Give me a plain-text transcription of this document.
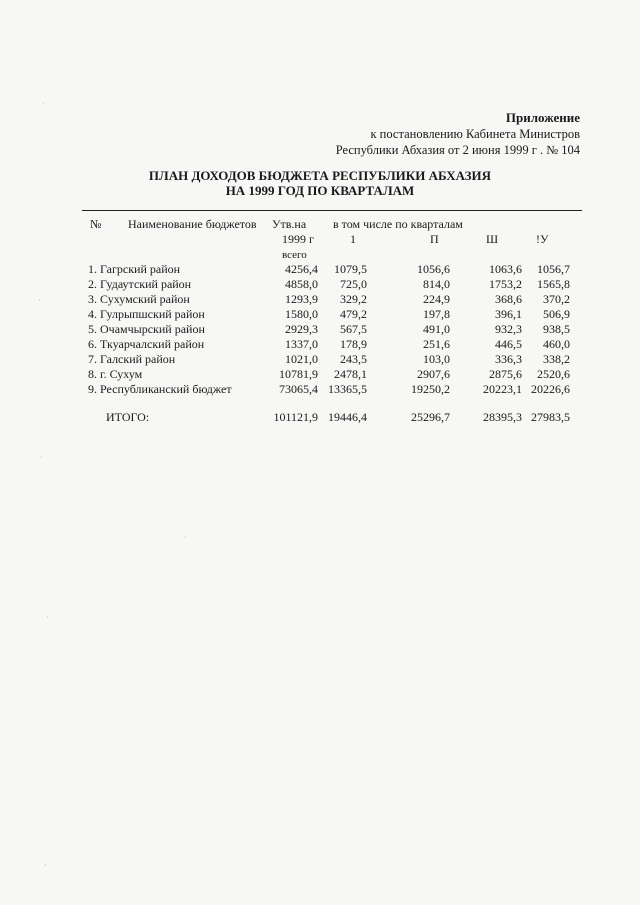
Приложение
к постановлению Кабинета Министров
Республики Абхазия от 2 июня 1999 г . № 104
ПЛАН ДОХОДОВ БЮДЖЕТА РЕСПУБЛИКИ АБХАЗИЯ
НА 1999 ГОД ПО КВАРТАЛАМ
№ Наименование бюджетов Утв.на
1999 г
всего
в том числе по кварталам
1	П	Ш	!У
1. Гагрский район	4256,4 1079,5	1056,6	1063,6 1056,7
2. Гудаутский район	4858,0 725,0	814,0	1753,2 1565,8
3. Сухумский район	1293,9 329,2	224,9	368,6 370,2
4. Гулрыпшский район	1580,0 479,2	197,8	396,1 506,9
5. Очамчырский район	2929,3 567,5	491,0	932,3 938,5
6. Ткуарчалский район	1337,0 178,9	251,6	446,5 460,0
7. Галский район	1021,0 243,5	103,0	336,3 338,2
8. г. Сухум	10781,9 2478,1	2907,6	2875,6 2520,6
9. Республиканский бюджет	73065,4 13365,5	19250,2	20223,1 20226,6
ИТОГО:	101121,9 19446,4	25296,7	28395,3 27983,5
·
·
·
·
·
·
